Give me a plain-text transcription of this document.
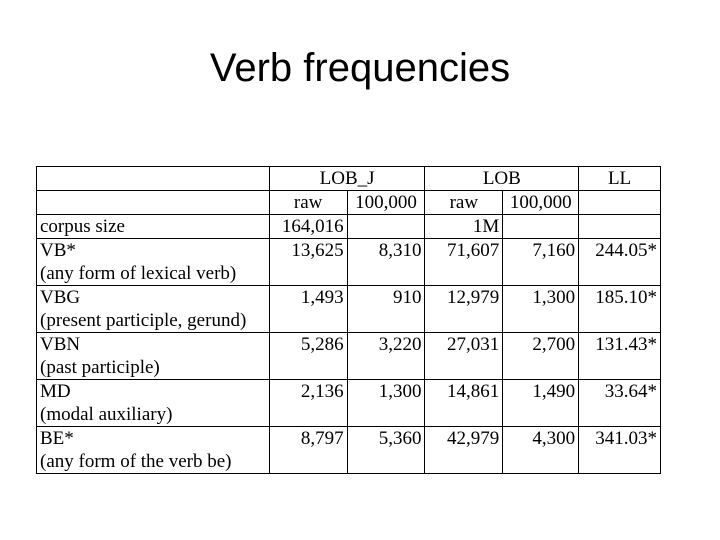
Verb frequencies
	LOB_J		LOB		LL
	raw	100,000	raw	100,000	

corpus size	164,016		1M		

VB*
(any form of lexical verb)	13,625	8,310	71,607	7,160	244.05*

VBG
(present participle, gerund)	1,493	910	12,979	1,300	185.10*

VBN
(past participle)	5,286	3,220	27,031	2,700	131.43*

MD
(modal auxiliary)	2,136	1,300	14,861	1,490	33.64*

BE*
(any form of the verb be)	8,797	5,360	42,979	4,300	341.03*
